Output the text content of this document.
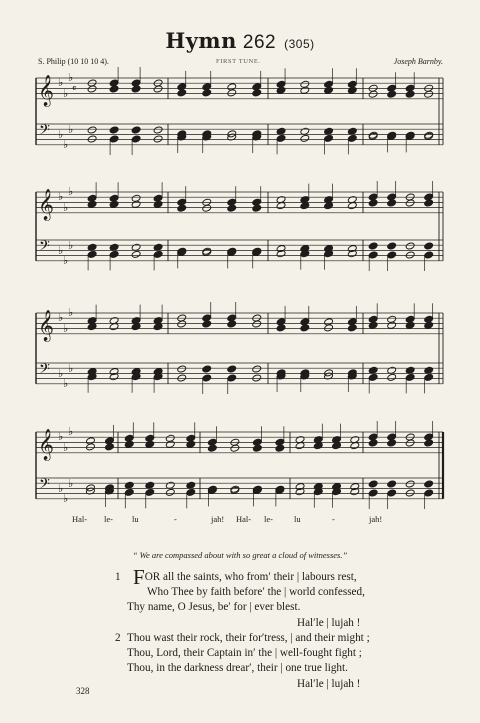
Hymn 262 (305)
S. Philip (10 10 10 4).	FIRST TUNE.	Joseph Barnby.
𝄞
𝄢
♭
♭
♭
♭
♭
♭
𝄴
𝄞
𝄢
♭
♭
♭
♭
♭
♭
𝄞
𝄢
♭
♭
♭
♭
♭
♭
𝄞
𝄢
♭
♭
♭
♭
♭
♭
Hal- le- lu	-	jah! Hal- le- lu	-	jah!
“ We are compassed about with so great a cloud of witnesses.”
1 FOR all the saints, who from′ their | labours rest,
Who Thee by faith before′ the | world confessed,
Thy name, O Jesus, be′ for | ever blest.
Hal′le | lujah !
2 Thou wast their rock, their for′tress, | and their might ;
Thou, Lord, their Captain in′ the | well-fought fight ;
Thou, in the darkness drear′, their | one true light.
Hal′le | lujah !
328
